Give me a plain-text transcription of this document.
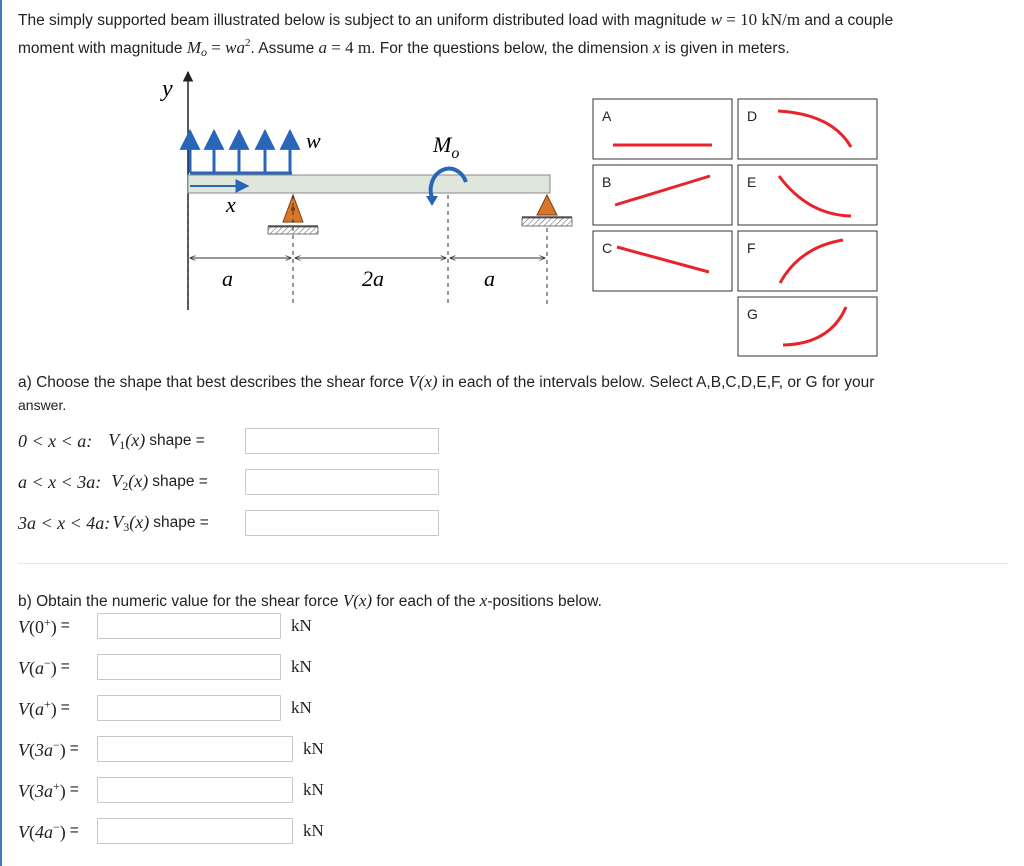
The simply supported beam illustrated below is subject to an uniform distributed load with magnitude w = 10 kN/m and a couple
moment with magnitude $M_o = wa^2$. Assume a = 4 m. For the questions below, the dimension x is given in meters.
y
w
x
$M_o$
a	2a	a
A
B
C
D
E
F
G
a) Choose the shape that best describes the shear force V(x) in each of the intervals below. Select A,B,C,D,E,F, or G for your
answer.
0 < x < a: V1(x) shape =
a < x < 3a: V2(x) shape =
3a < x < 4a: V3(x) shape =
b) Obtain the numeric value for the shear force V(x) for each of the x-positions below.
V(0+) =	kN
V(a−) =	kN
V(a+) =	kN
V(3a−) =	kN
V(3a+) =	kN
V(4a−) =	kN
